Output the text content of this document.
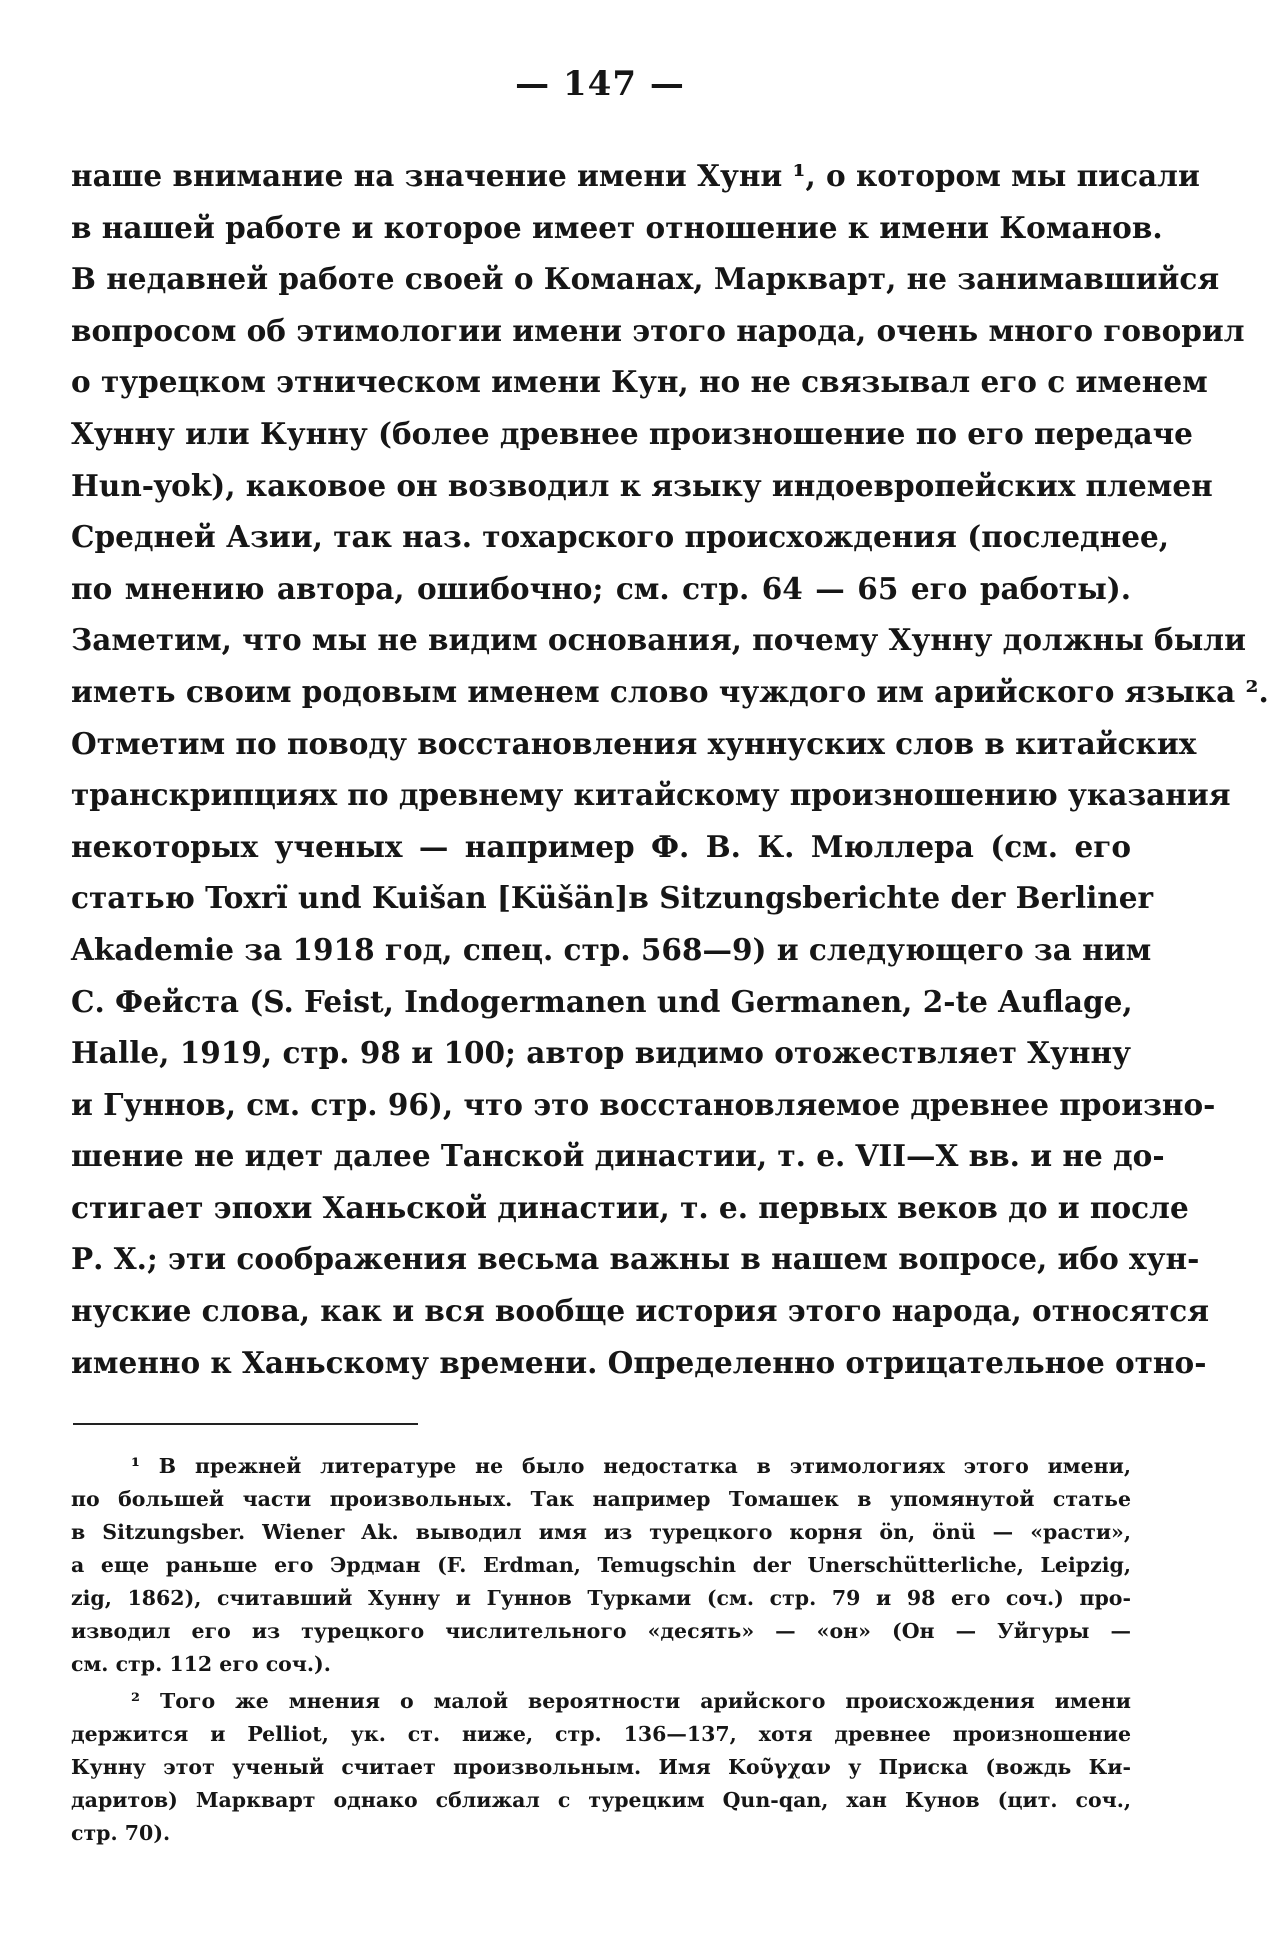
— 147 —
наше внимание на значение имени Хуни ¹, о котором мы писали
в нашей работе и которое имеет отношение к имени Команов.
В недавней работе своей о Команах, Маркварт, не занимавшийся
вопросом об этимологии имени этого народа, очень много говорил
о турецком этническом имени Кун, но не связывал его с именем
Хунну или Кунну (более древнее произношение по его передаче
Hun-yok), каковое он возводил к языку индоевропейских племен
Средней Азии, так наз. тохарского происхождения (последнее,
по мнению автора, ошибочно; см. стр. 64 — 65 его работы).
Заметим, что мы не видим основания, почему Хунну должны были
иметь своим родовым именем слово чуждого им арийского языка ².
Отметим по поводу восстановления хуннуских слов в китайских
транскрипциях по древнему китайскому произношению указания
некоторых ученых — например Ф. В. К. Мюллера (см. его
статью Toxrï und Kuišan [Küšän]в Sitzungsberichte der Berliner
Akademie за 1918 год, спец. стр. 568—9) и следующего за ним
С. Фейста (S. Feist, Indogermanen und Germanen, 2-te Auflage,
Halle, 1919, стр. 98 и 100; автор видимо отожествляет Хунну
и Гуннов, см. стр. 96), что это восстановляемое древнее произно-
шение не идет далее Танской династии, т. е. VII—X вв. и не до-
стигает эпохи Ханьской династии, т. е. первых веков до и после
Р. Х.; эти соображения весьма важны в нашем вопросе, ибо хун-
нуские слова, как и вся вообще история этого народа, относятся
именно к Ханьскому времени. Определенно отрицательное отно-
¹ В прежней литературе не было недостатка в этимологиях этого имени,
по большей части произвольных. Так например Томашек в упомянутой статье
в Sitzungsber. Wiener Ak. выводил имя из турецкого корня ön, önü — «расти»,
а еще раньше его Эрдман (F. Erdman, Temugschin der Unerschütterliche, Leipzig,
zig, 1862), считавший Хунну и Гуннов Турками (см. стр. 79 и 98 его соч.) про-
изводил его из турецкого числительного «десять» — «он» (Он — Уйгуры —
см. стр. 112 его соч.).
² Того же мнения о малой вероятности арийского происхождения имени
держится и Pelliot, ук. ст. ниже, стр. 136—137, хотя древнее произношение
Кунну этот ученый считает произвольным. Имя Κοῦγχαν у Приска (вождь Ки-
даритов) Маркварт однако сближал с турецким Qun-qan, хан Кунов (цит. соч.,
стр. 70).
